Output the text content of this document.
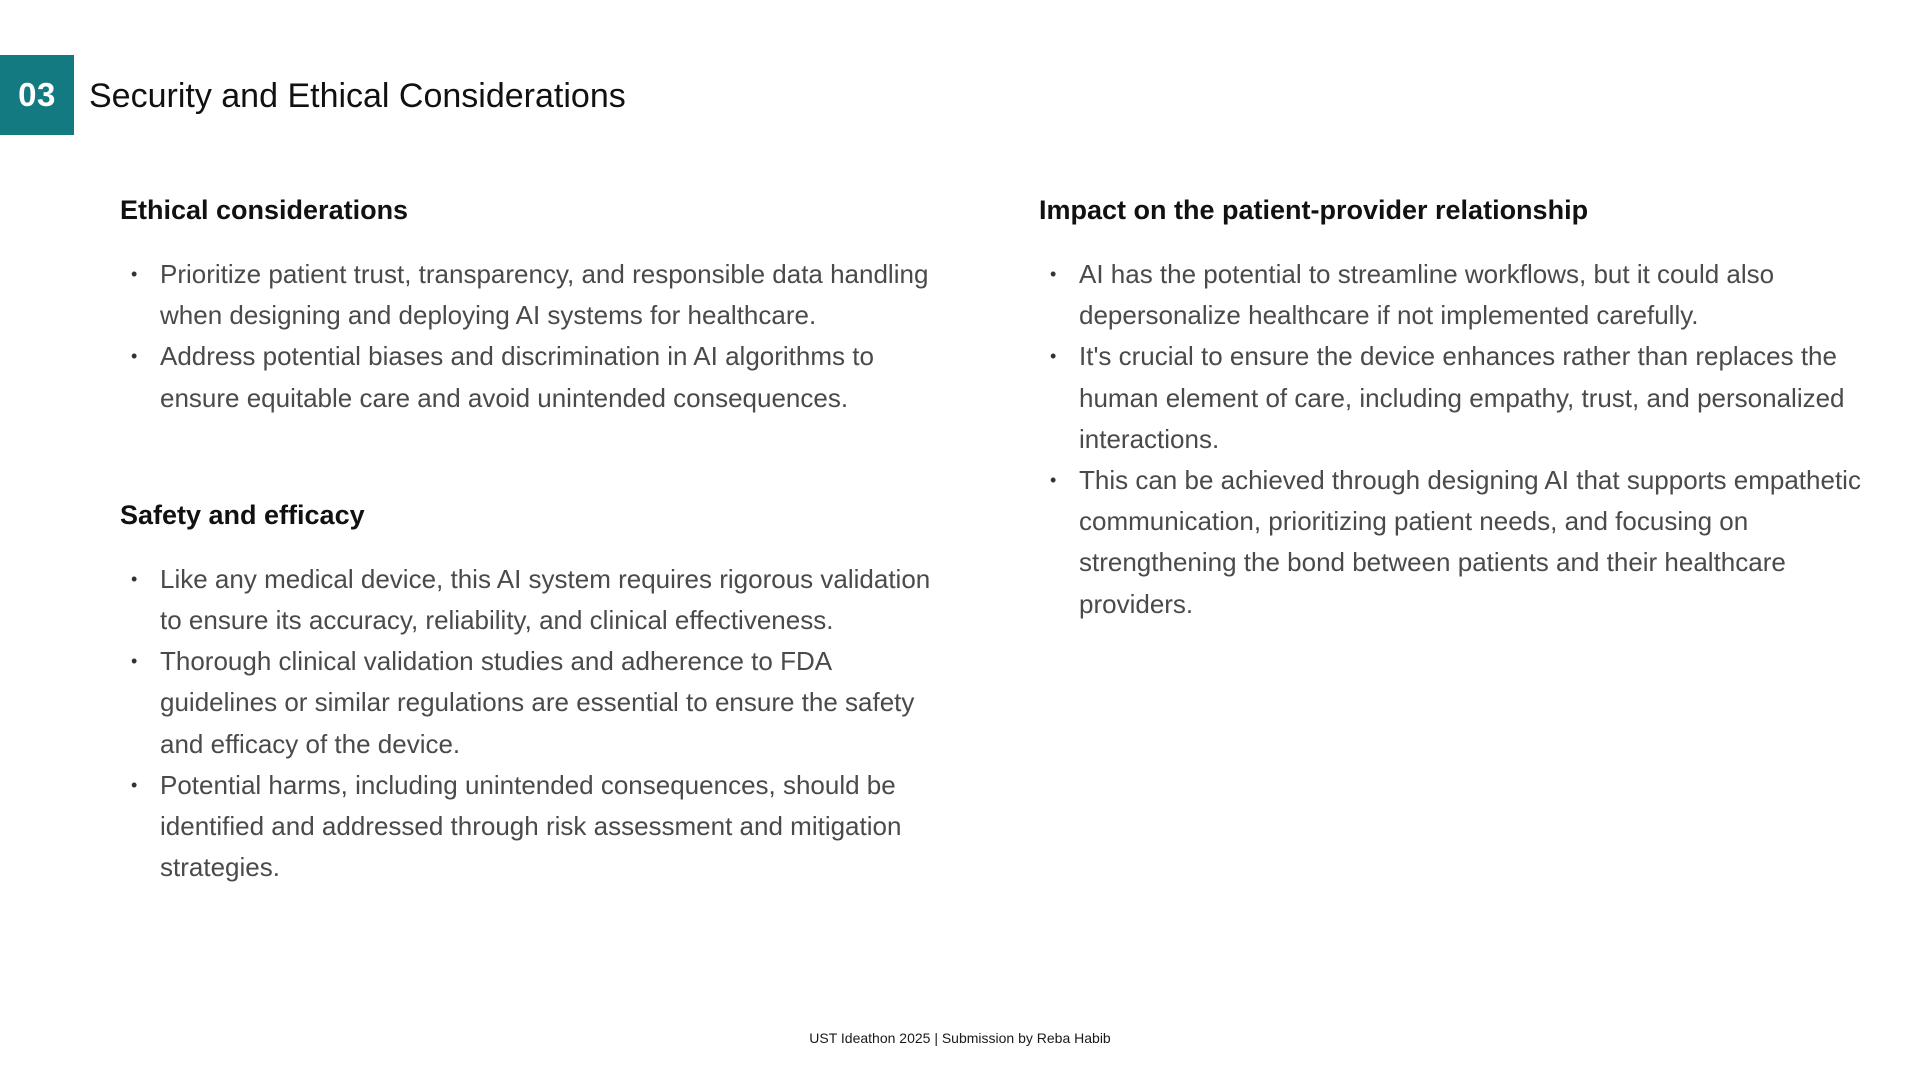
03 Security and Ethical Considerations
Ethical considerations
• Prioritize patient trust, transparency, and responsible data handling when designing and deploying AI systems for healthcare.
• Address potential biases and discrimination in AI algorithms to ensure equitable care and avoid unintended consequences.
Safety and efficacy
• Like any medical device, this AI system requires rigorous validation to ensure its accuracy, reliability, and clinical effectiveness.
• Thorough clinical validation studies and adherence to FDA guidelines or similar regulations are essential to ensure the safety and efficacy of the device.
• Potential harms, including unintended consequences, should be identified and addressed through risk assessment and mitigation strategies.
Impact on the patient-provider relationship
• AI has the potential to streamline workflows, but it could also depersonalize healthcare if not implemented carefully.
• It's crucial to ensure the device enhances rather than replaces the human element of care, including empathy, trust, and personalized interactions.
• This can be achieved through designing AI that supports empathetic communication, prioritizing patient needs, and focusing on strengthening the bond between patients and their healthcare providers.
UST Ideathon 2025 | Submission by Reba Habib
